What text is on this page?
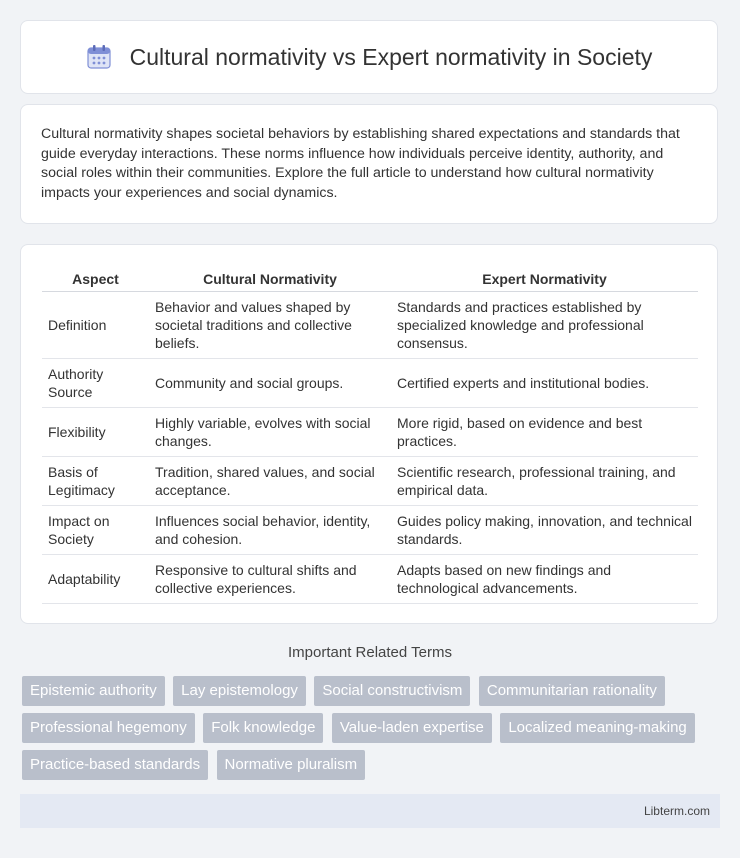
Cultural normativity vs Expert normativity in Society

Cultural normativity shapes societal behaviors by establishing shared expectations and standards that guide everyday interactions. These norms influence how individuals perceive identity, authority, and social roles within their communities. Explore the full article to understand how cultural normativity impacts your experiences and social dynamics.

Aspect	Cultural Normativity	Expert Normativity
Definition	Behavior and values shaped by societal traditions and collective beliefs.	Standards and practices established by specialized knowledge and professional consensus.
Authority Source	Community and social groups.	Certified experts and institutional bodies.
Flexibility	Highly variable, evolves with social changes.	More rigid, based on evidence and best practices.
Basis of Legitimacy	Tradition, shared values, and social acceptance.	Scientific research, professional training, and empirical data.
Impact on Society	Influences social behavior, identity, and cohesion.	Guides policy making, innovation, and technical standards.
Adaptability	Responsive to cultural shifts and collective experiences.	Adapts based on new findings and technological advancements.
Important Related Terms
Epistemic authority Lay epistemology Social constructivism Communitarian rationality Professional hegemony Folk knowledge Value-laden expertise Localized meaning-making Practice-based standards Normative pluralism
Libterm.com
